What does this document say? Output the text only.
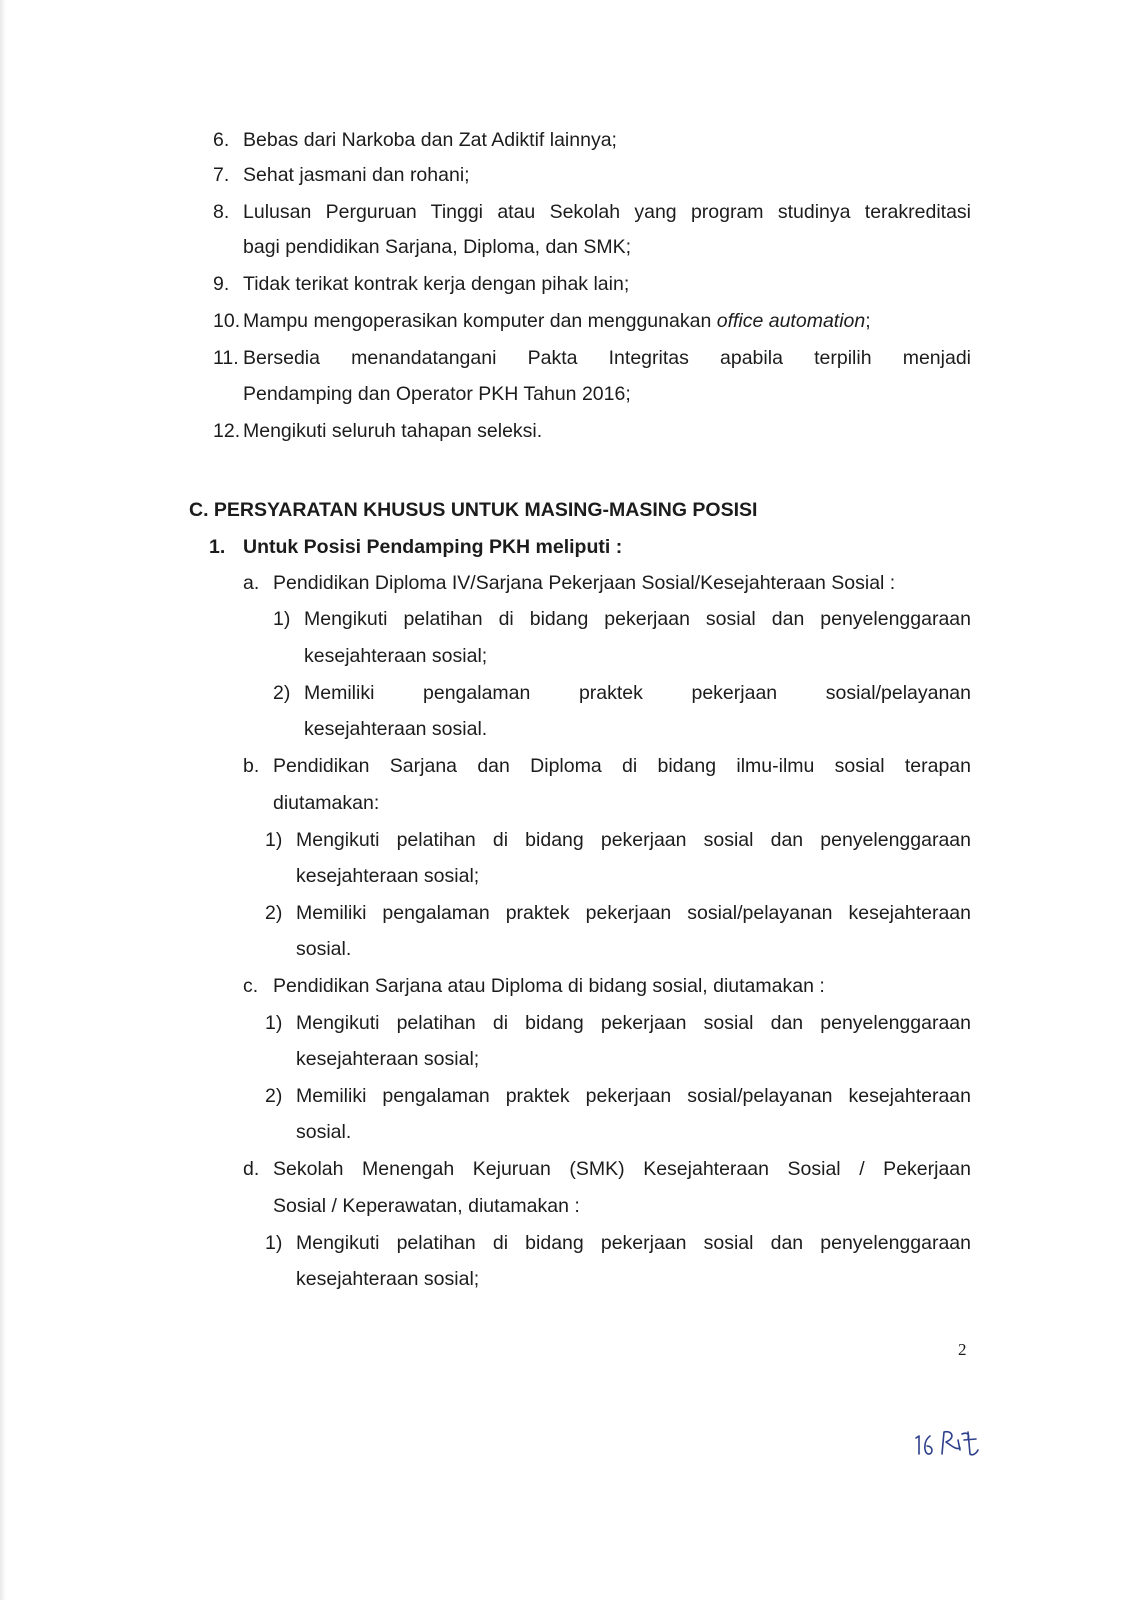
6. Bebas dari Narkoba dan Zat Adiktif lainnya;
7. Sehat jasmani dan rohani;
8. Lulusan Perguruan Tinggi atau Sekolah yang program studinya terakreditasi
bagi pendidikan Sarjana, Diploma, dan SMK;
9. Tidak terikat kontrak kerja dengan pihak lain;
10. Mampu mengoperasikan komputer dan menggunakan office automation;
11. Bersedia menandatangani Pakta Integritas apabila terpilih menjadi
Pendamping dan Operator PKH Tahun 2016;
12. Mengikuti seluruh tahapan seleksi.
C. PERSYARATAN KHUSUS UNTUK MASING-MASING POSISI
1. Untuk Posisi Pendamping PKH meliputi :
a. Pendidikan Diploma IV/Sarjana Pekerjaan Sosial/Kesejahteraan Sosial :
1) Mengikuti pelatihan di bidang pekerjaan sosial dan penyelenggaraan
kesejahteraan sosial;
2) Memiliki pengalaman praktek pekerjaan sosial/pelayanan
kesejahteraan sosial.
b. Pendidikan Sarjana dan Diploma di bidang ilmu-ilmu sosial terapan
diutamakan:
1) Mengikuti pelatihan di bidang pekerjaan sosial dan penyelenggaraan
kesejahteraan sosial;
2) Memiliki pengalaman praktek pekerjaan sosial/pelayanan kesejahteraan
sosial.
c. Pendidikan Sarjana atau Diploma di bidang sosial, diutamakan :
1) Mengikuti pelatihan di bidang pekerjaan sosial dan penyelenggaraan
kesejahteraan sosial;
2) Memiliki pengalaman praktek pekerjaan sosial/pelayanan kesejahteraan
sosial.
d. Sekolah Menengah Kejuruan (SMK) Kesejahteraan Sosial / Pekerjaan
Sosial / Keperawatan, diutamakan :
1) Mengikuti pelatihan di bidang pekerjaan sosial dan penyelenggaraan
kesejahteraan sosial;
2
